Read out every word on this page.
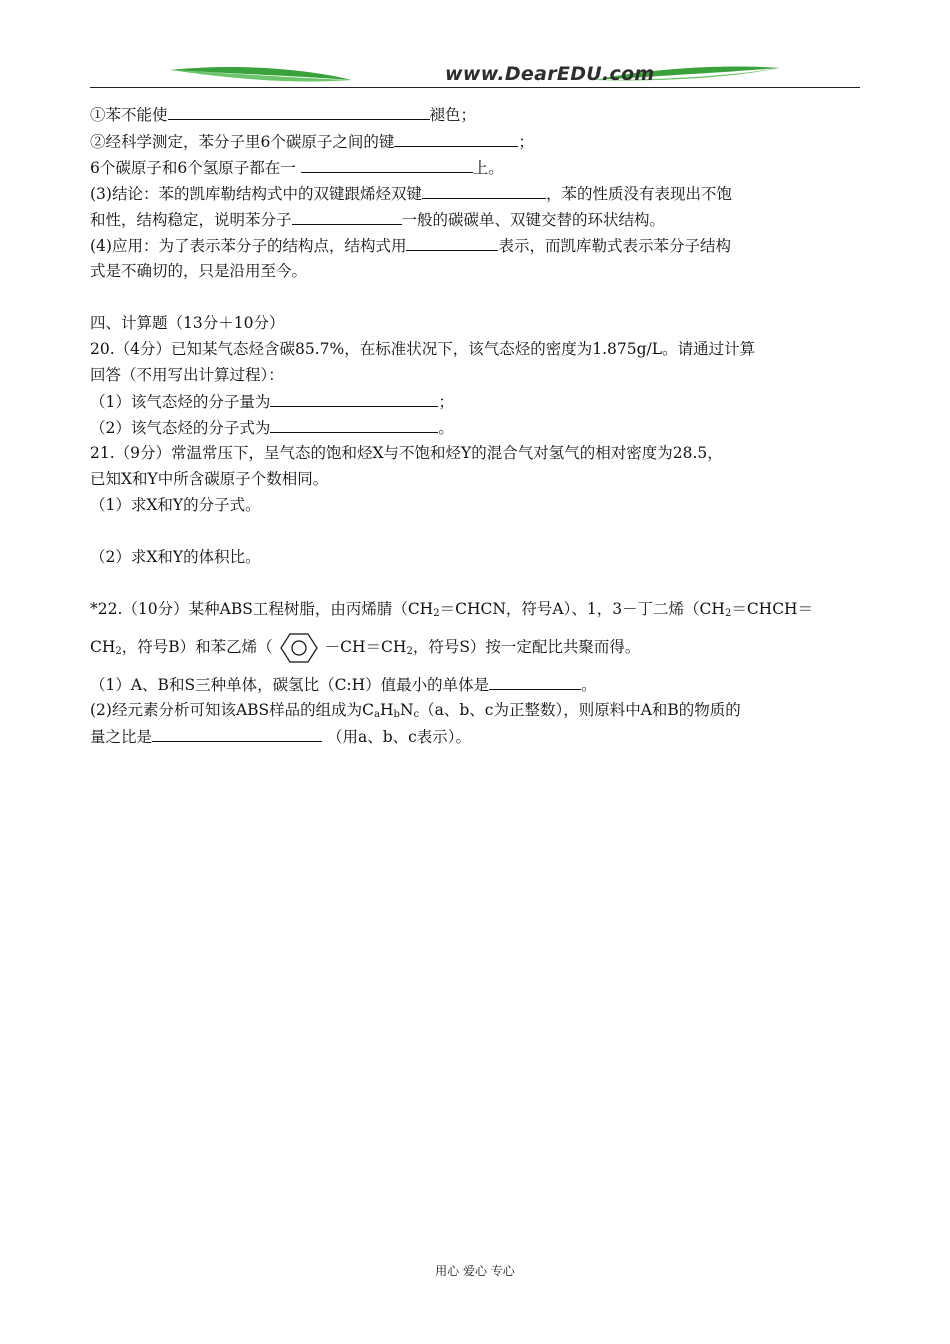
www.DearEDU.com
①苯不能使	褪色；
②经科学测定，苯分子里6个碳原子之间的键	；
6个碳原子和6个氢原子都在一	上。
(3)结论：苯的凯库勒结构式中的双键跟烯烃双键	，苯的性质没有表现出不饱
和性，结构稳定，说明苯分子	一般的碳碳单、双键交替的环状结构。
(4)应用：为了表示苯分子的结构点，结构式用	表示，而凯库勒式表示苯分子结构
式是不确切的，只是沿用至今。
四、计算题（13分＋10分）
20.（4分）已知某气态烃含碳85.7%，在标准状况下，该气态烃的密度为1.875g/L。请通过计算
回答（不用写出计算过程）：
（1）该气态烃的分子量为	；
（2）该气态烃的分子式为	。
21.（9分）常温常压下，呈气态的饱和烃X与不饱和烃Y的混合气对氢气的相对密度为28.5，
已知X和Y中所含碳原子个数相同。
（1）求X和Y的分子式。
（2）求X和Y的体积比。
*22.（10分）某种ABS工程树脂，由丙烯腈（$CH_2=CHCN$，符号A）、1，3－丁二烯（$CH_2=CHCH=$
$CH_2$，符号B）和苯乙烯（	$-CH=CH_2$，符号S）按一定配比共聚而得。
（1）A、B和S三种单体，碳氢比（C:H）值最小的单体是	。
(2)经元素分析可知该ABS样品的组成为$C_aH_bN_c(a$、b、c为正整数），则原料中A和B的物质的
量之比是	（用a、b、c表示）。
用心 爱心 专心
